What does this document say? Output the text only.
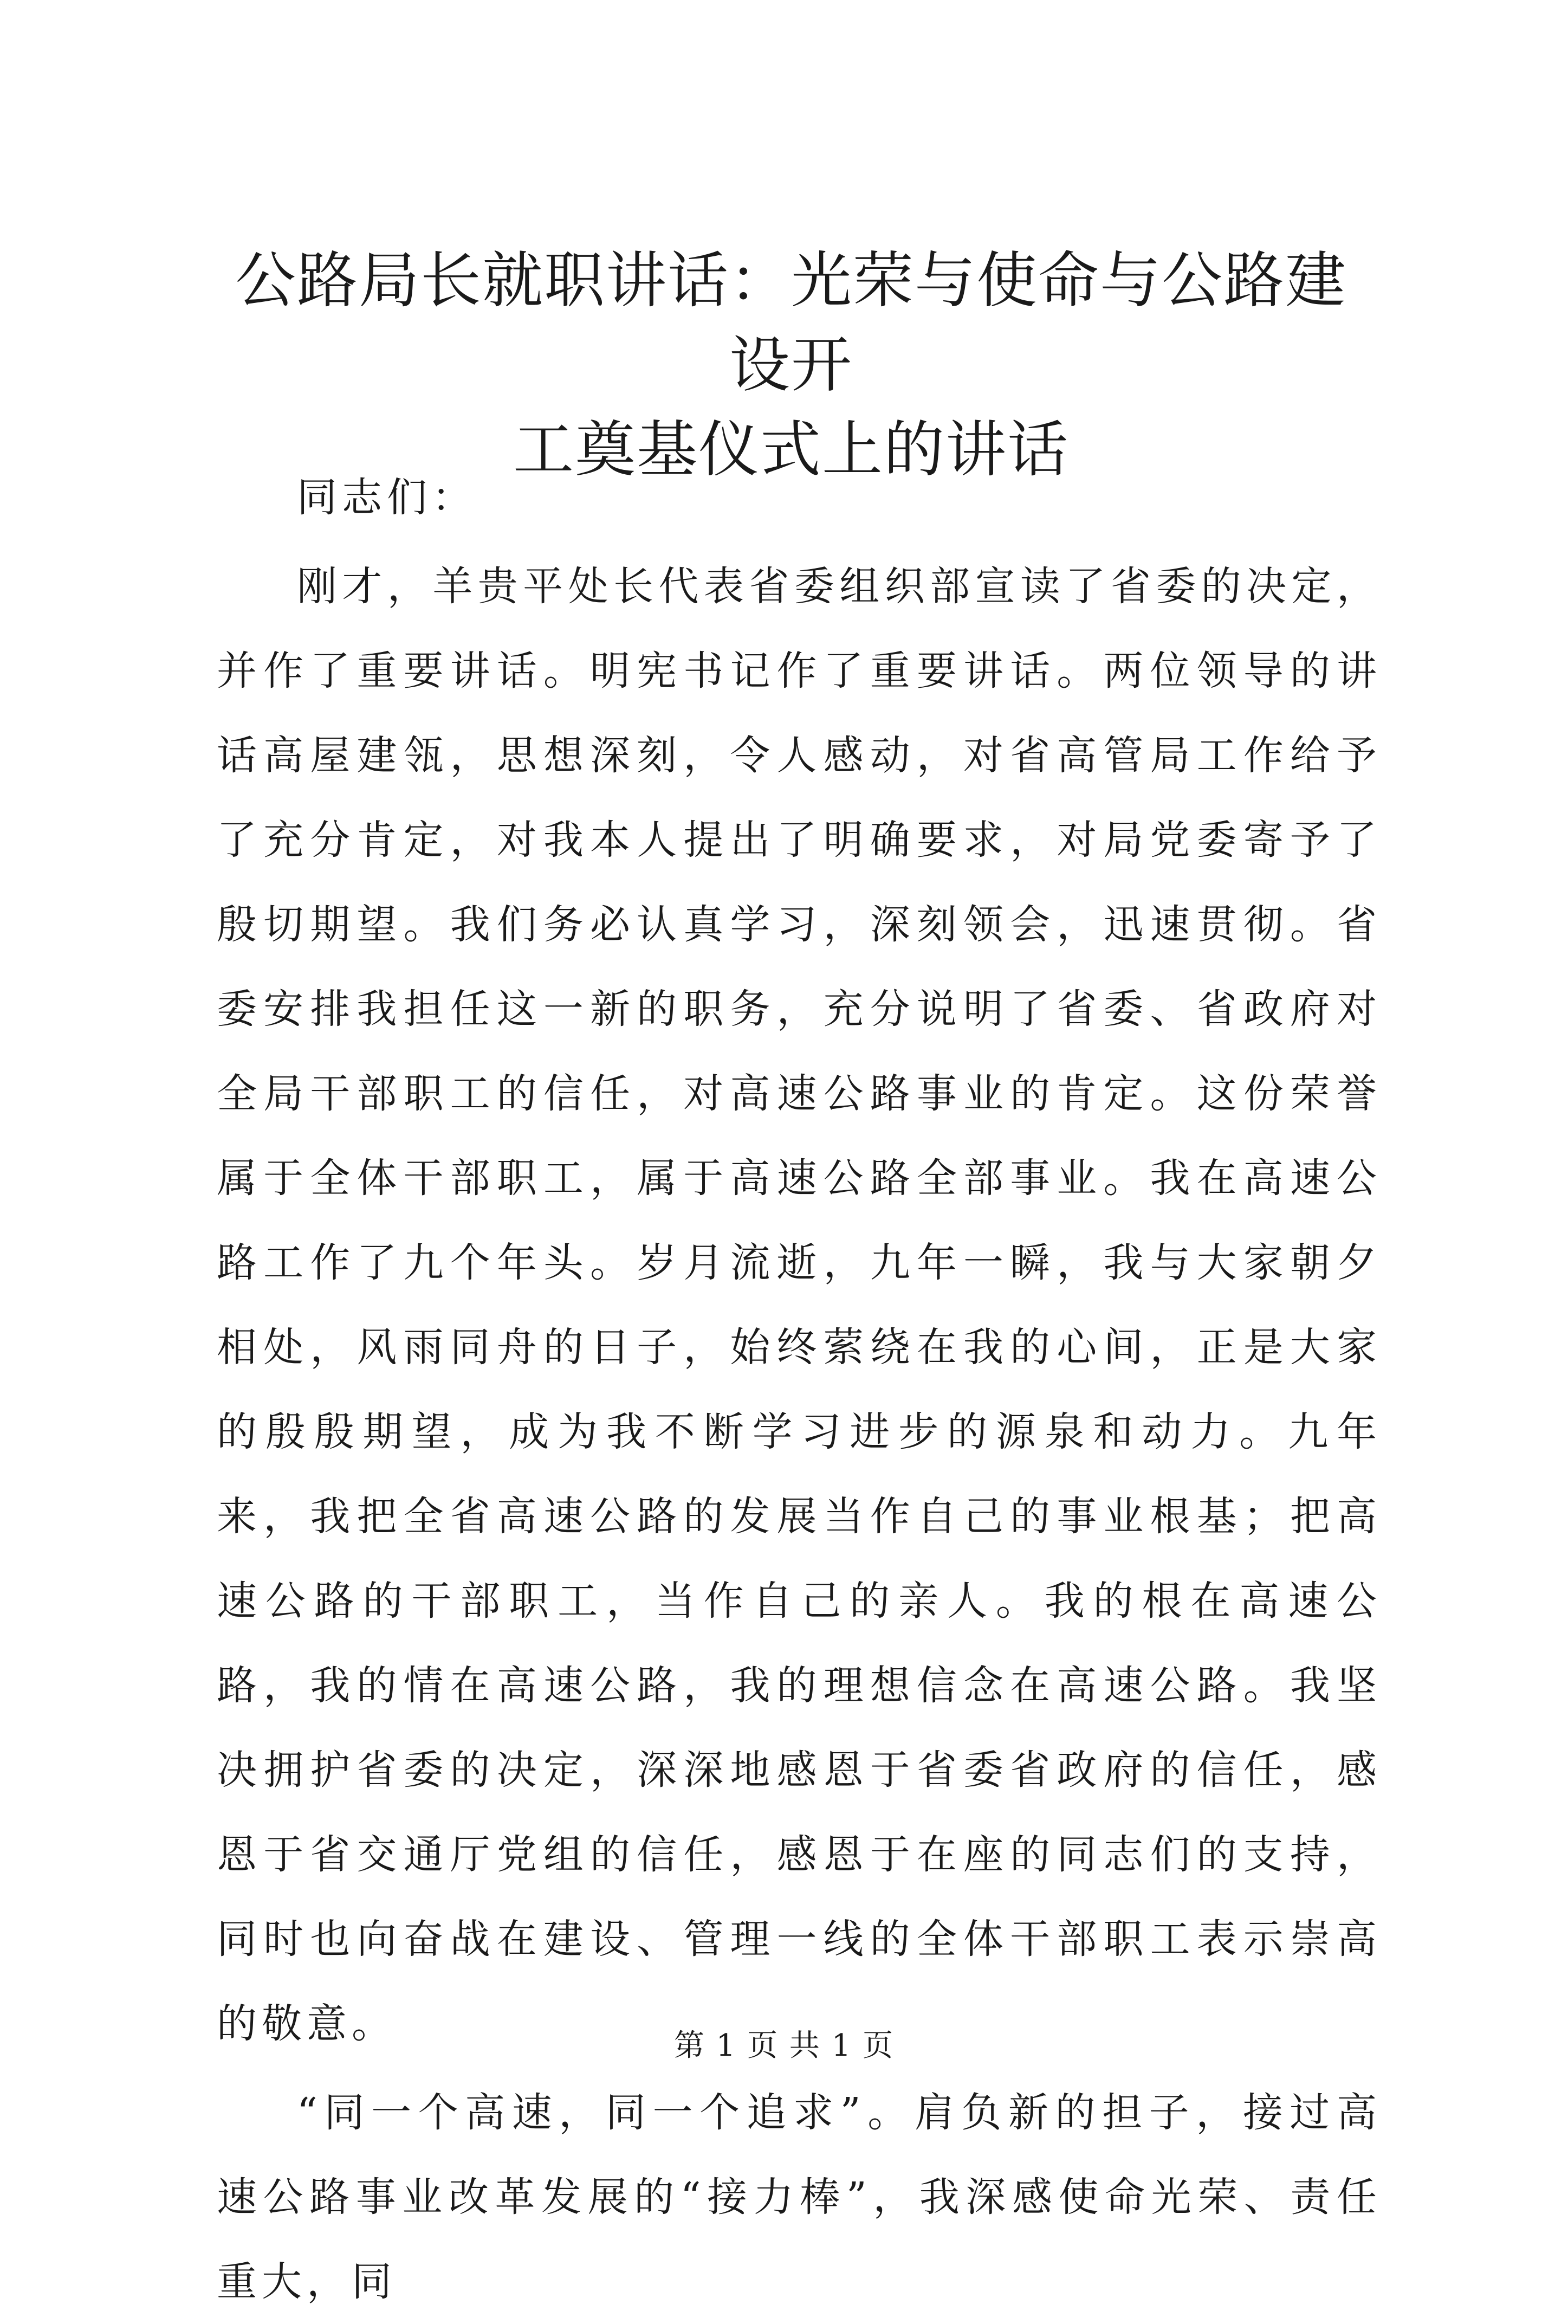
公路局长就职讲话：光荣与使命与公路建设开
工奠基仪式上的讲话

同志们：

刚才，羊贵平处长代表省委组织部宣读了省委的决定，并作了重要讲话。明宪书记作了重要讲话。两位领导的讲话高屋建瓴，思想深刻，令人感动，对省高管局工作给予了充分肯定，对我本人提出了明确要求，对局党委寄予了殷切期望。我们务必认真学习，深刻领会，迅速贯彻。省委安排我担任这一新的职务，充分说明了省委、省政府对全局干部职工的信任，对高速公路事业的肯定。这份荣誉属于全体干部职工，属于高速公路全部事业。我在高速公路工作了九个年头。岁月流逝，九年一瞬，我与大家朝夕相处，风雨同舟的日子，始终萦绕在我的心间，正是大家的殷殷期望，成为我不断学习进步的源泉和动力。九年来，我把全省高速公路的发展当作自己的事业根基；把高速公路的干部职工，当作自己的亲人。我的根在高速公路，我的情在高速公路，我的理想信念在高速公路。我坚决拥护省委的决定，深深地感恩于省委省政府的信任，感恩于省交通厅党组的信任，感恩于在座的同志们的支持，同时也向奋战在建设、管理一线的全体干部职工表示崇高的敬意。

“同一个高速，同一个追求”。肩负新的担子，接过高速公路事业改革发展的“接力棒”，我深感使命光荣、责任重大，同

第 1 页 共 1 页
